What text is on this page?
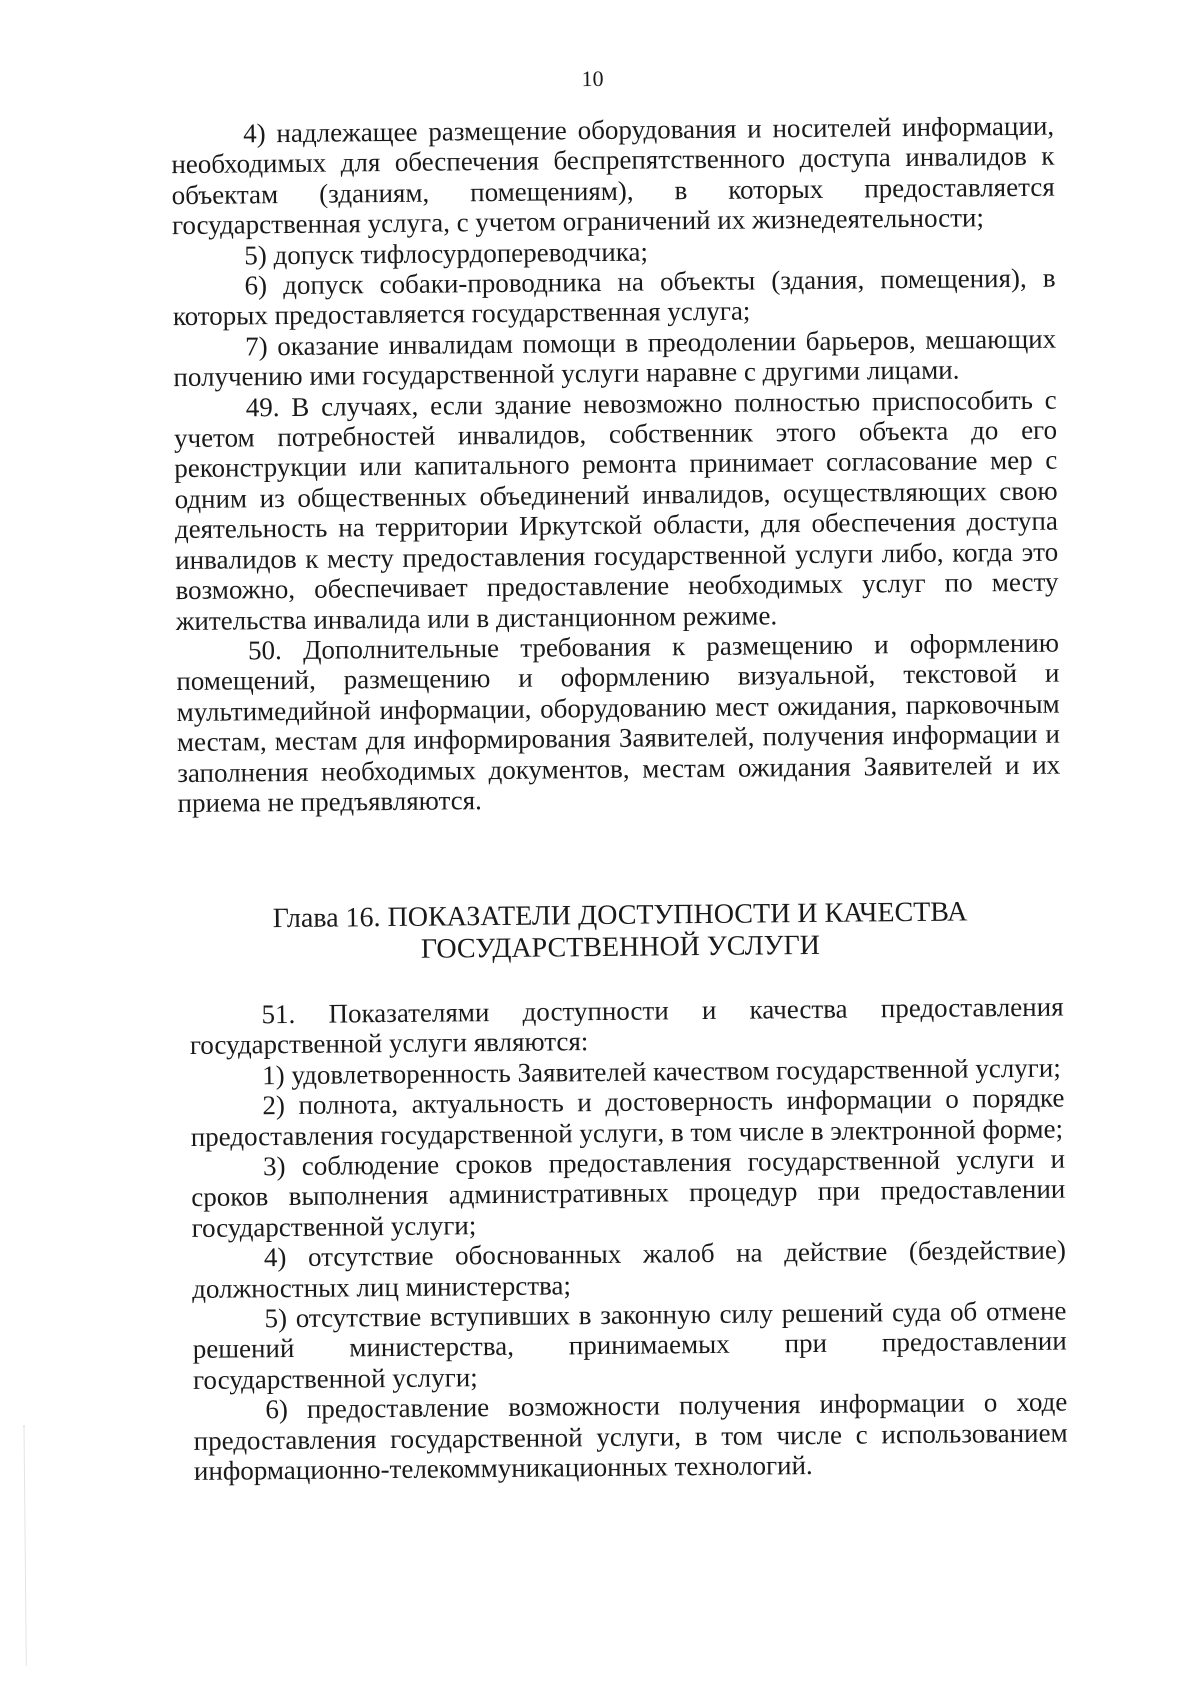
10

4) надлежащее размещение оборудования и носителей информации, необходимых для обеспечения беспрепятственного доступа инвалидов к объектам (зданиям, помещениям), в которых предоставляется государственная услуга, с учетом ограничений их жизнедеятельности;

5) допуск тифлосурдопереводчика;

6) допуск собаки-проводника на объекты (здания, помещения), в которых предоставляется государственная услуга;

7) оказание инвалидам помощи в преодолении барьеров, мешающих получению ими государственной услуги наравне с другими лицами.

49. В случаях, если здание невозможно полностью приспособить с учетом потребностей инвалидов, собственник этого объекта до его реконструкции или капитального ремонта принимает согласование мер с одним из общественных объединений инвалидов, осуществляющих свою деятельность на территории Иркутской области, для обеспечения доступа инвалидов к месту предоставления государственной услуги либо, когда это возможно, обеспечивает предоставление необходимых услуг по месту жительства инвалида или в дистанционном режиме.

50. Дополнительные требования к размещению и оформлению помещений, размещению и оформлению визуальной, текстовой и мультимедийной информации, оборудованию мест ожидания, парковочным местам, местам для информирования Заявителей, получения информации и заполнения необходимых документов, местам ожидания Заявителей и их приема не предъявляются.

Глава 16. ПОКАЗАТЕЛИ ДОСТУПНОСТИ И КАЧЕСТВА
ГОСУДАРСТВЕННОЙ УСЛУГИ

51. Показателями доступности и качества предоставления государственной услуги являются:

1) удовлетворенность Заявителей качеством государственной услуги;

2) полнота, актуальность и достоверность информации о порядке предоставления государственной услуги, в том числе в электронной форме;

3) соблюдение сроков предоставления государственной услуги и сроков выполнения административных процедур при предоставлении государственной услуги;

4) отсутствие обоснованных жалоб на действие (бездействие) должностных лиц министерства;

5) отсутствие вступивших в законную силу решений суда об отмене решений министерства, принимаемых при предоставлении государственной услуги;

6) предоставление возможности получения информации о ходе предоставления государственной услуги, в том числе с использованием информационно-телекоммуникационных технологий.
